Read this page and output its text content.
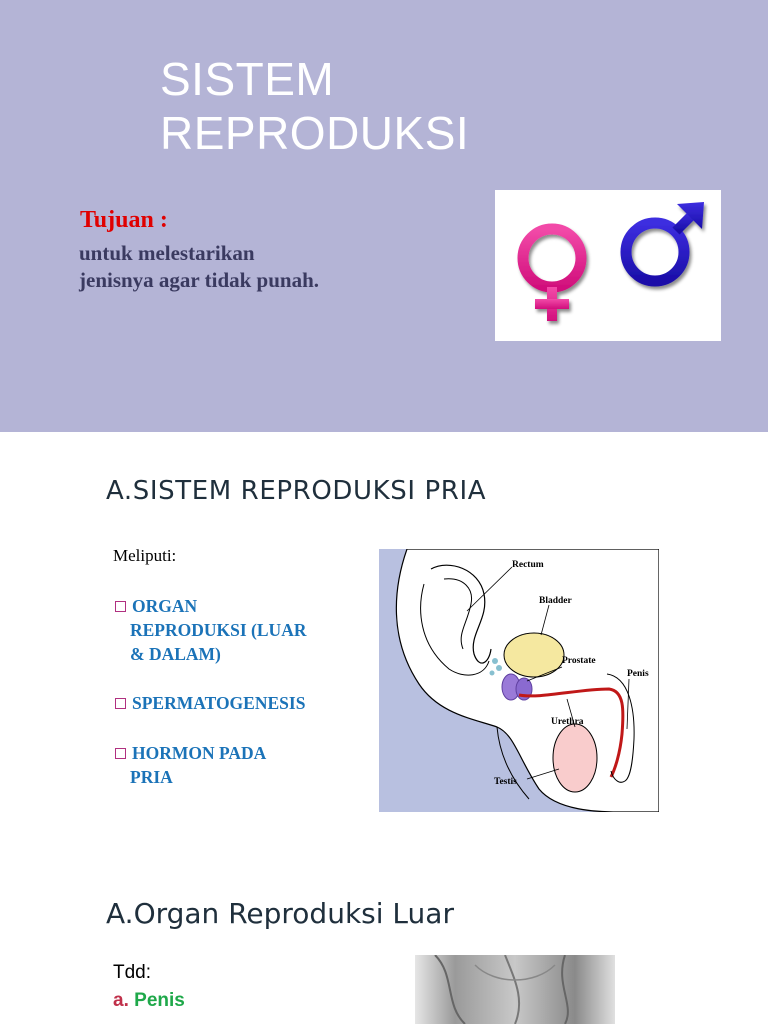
SISTEM
REPRODUKSI
Tujuan :
untuk melestarikan
jenisnya agar tidak punah.
A.SISTEM REPRODUKSI PRIA
Meliputi:
ORGAN
REPRODUKSI (LUAR
& DALAM)
SPERMATOGENESIS
HORMON PADA
PRIA
Rectum
Bladder
Prostate
Penis
Urethra
Testis
A.Organ Reproduksi Luar
Tdd:
a. Penis
